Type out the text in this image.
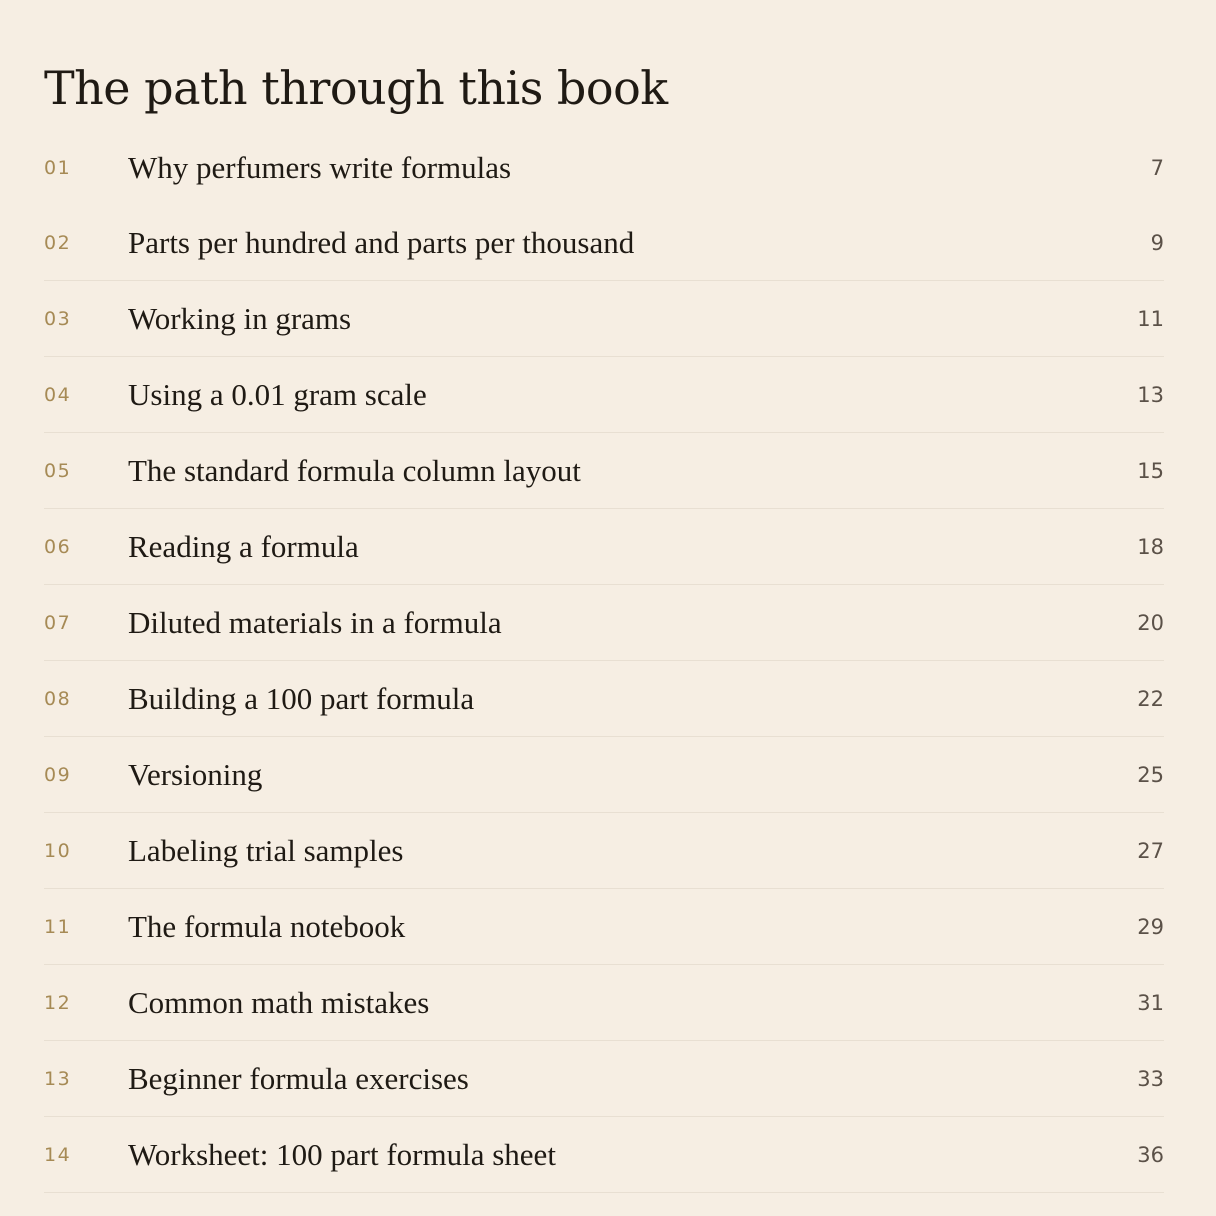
The path through this book
01	Why perfumers write formulas	7
02	Parts per hundred and parts per thousand	9
03	Working in grams	11
04	Using a 0.01 gram scale	13
05	The standard formula column layout	15
06	Reading a formula	18
07	Diluted materials in a formula	20
08	Building a 100 part formula	22
09	Versioning	25
10	Labeling trial samples	27
11	The formula notebook	29
12	Common math mistakes	31
13	Beginner formula exercises	33
14	Worksheet: 100 part formula sheet	36
